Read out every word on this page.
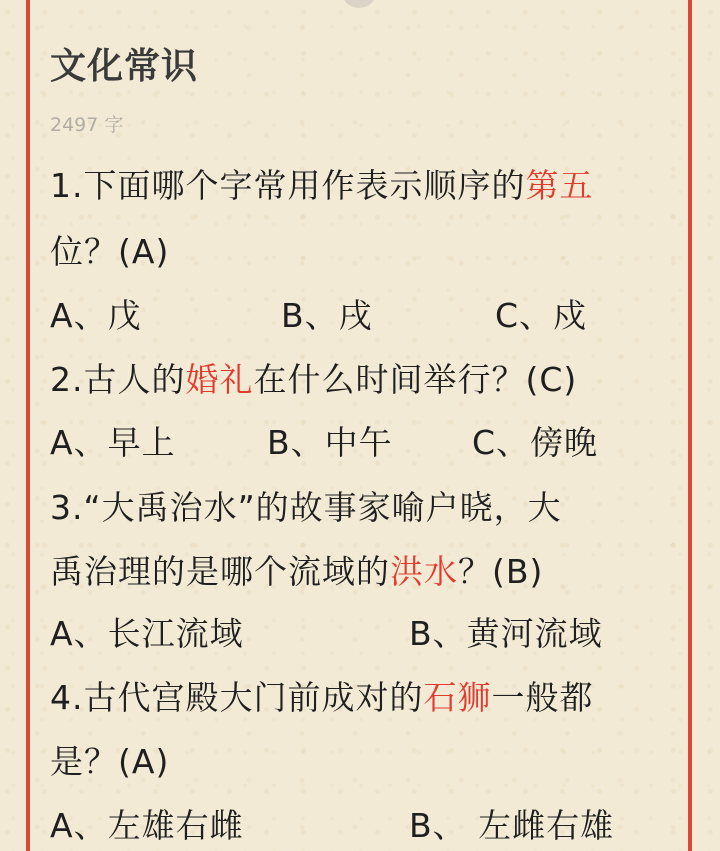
文化常识
2497 字
1.下面哪个字常用作表示顺序的第五
位？(A)
A、戊	B、戌	C、戍
2.古人的婚礼在什么时间举行？(C)
A、早上	B、中午 C、傍晚
3.“大禹治水”的故事家喻户晓，大
禹治理的是哪个流域的洪水？(B)
A、长江流域	B、黄河流域
4.古代宫殿大门前成对的石狮一般都
是？(A)
A、左雄右雌	B、 左雌右雄
